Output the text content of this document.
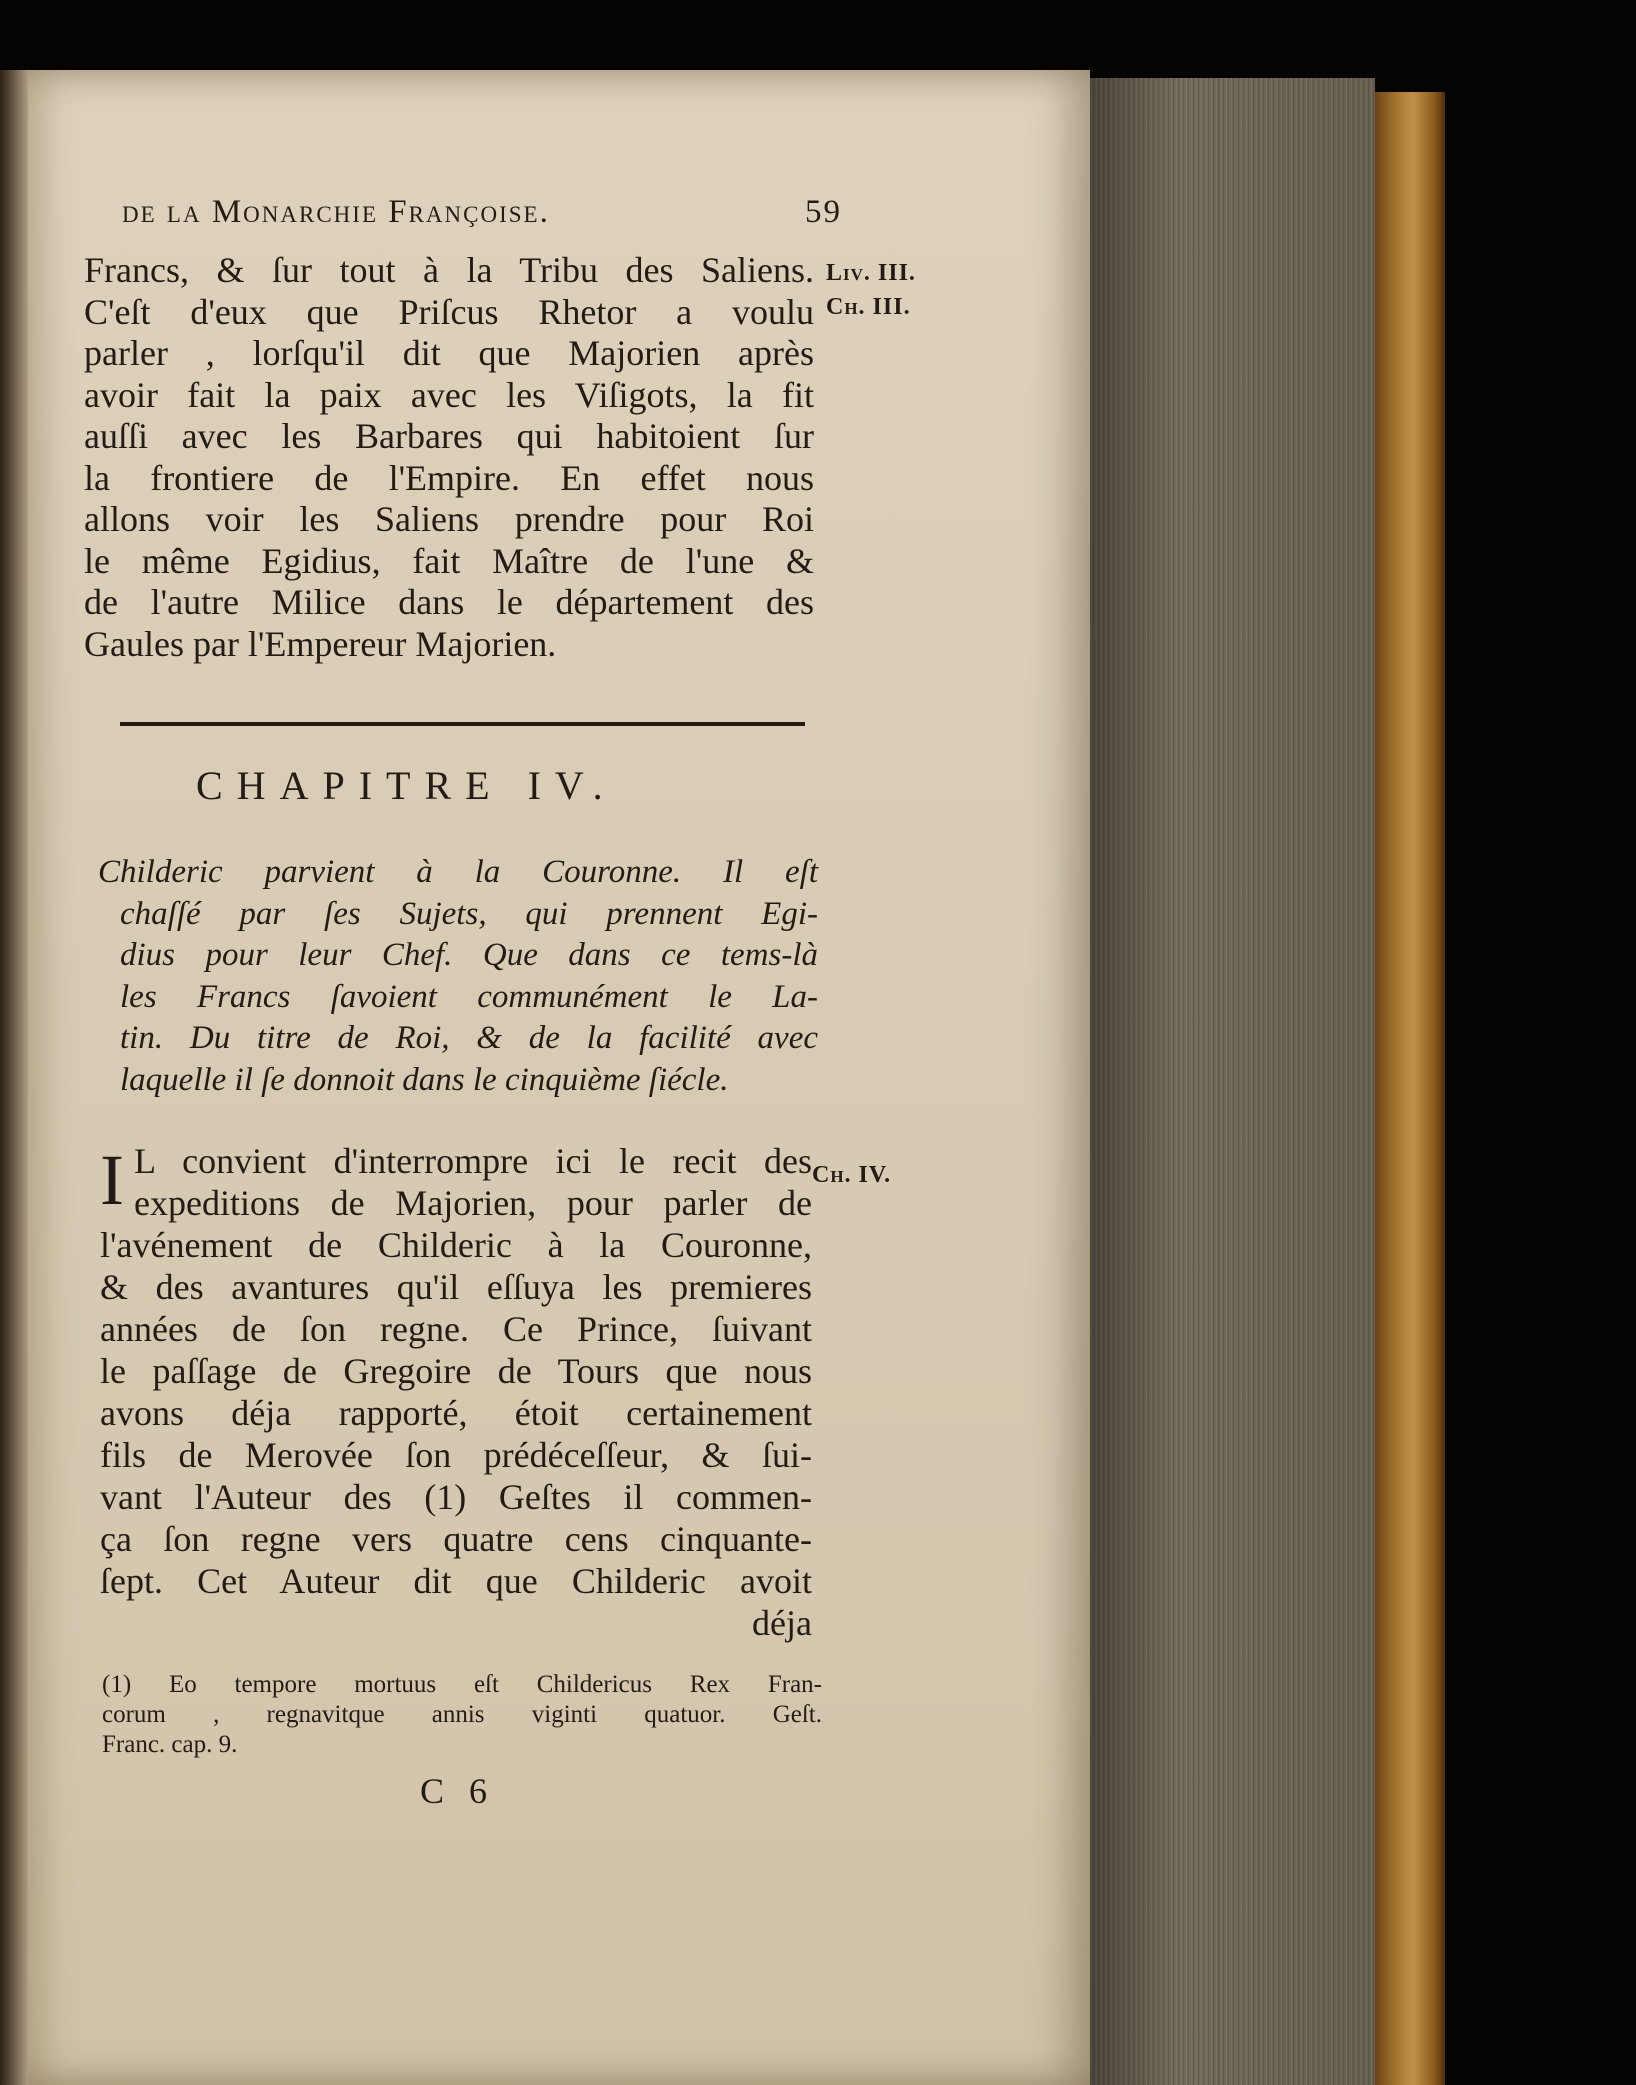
de la Monarchie Françoise.	59
Liv. III.
Ch. III.
Francs, & ſur tout à la Tribu des Saliens.
C'eſt d'eux que Priſcus Rhetor a voulu
parler , lorſqu'il dit que Majorien après
avoir fait la paix avec les Viſigots, la fit
auſſi avec les Barbares qui habitoient ſur
la frontiere de l'Empire. En effet nous
allons voir les Saliens prendre pour Roi
le même Egidius, fait Maître de l'une &
de l'autre Milice dans le département des
Gaules par l'Empereur Majorien.
CHAPITRE IV.
Childeric parvient à la Couronne. Il eſt
chaſſé par ſes Sujets, qui prennent Egi-
dius pour leur Chef. Que dans ce tems-là
les Francs ſavoient communément le La-
tin. Du titre de Roi, & de la facilité avec
laquelle il ſe donnoit dans le cinquième ſiécle.
Ch. IV.
I L convient d'interrompre ici le recit des
expeditions de Majorien, pour parler de
l'avénement de Childeric à la Couronne,
& des avantures qu'il eſſuya les premieres
années de ſon regne. Ce Prince, ſuivant
le paſſage de Gregoire de Tours que nous
avons déja rapporté, étoit certainement
fils de Merovée ſon prédéceſſeur, & ſui-
vant l'Auteur des (1) Geſtes il commen-
ça ſon regne vers quatre cens cinquante-
ſept. Cet Auteur dit que Childeric avoit
déja
(1) Eo tempore mortuus eſt Childericus Rex Fran-
corum , regnavitque annis viginti quatuor. Geſt.
Franc. cap. 9.
C 6
